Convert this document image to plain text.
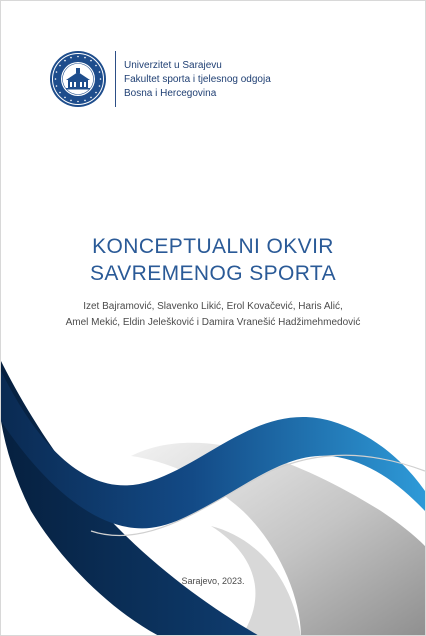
Univerzitet u Sarajevu
Fakultet sporta i tjelesnog odgoja
Bosna i Hercegovina
KONCEPTUALNI OKVIR
SAVREMENOG SPORTA
Izet Bajramović, Slavenko Likić, Erol Kovačević, Haris Alić,
Amel Mekić, Eldin Jelešković i Damira Vranešić Hadžimehmedović
Sarajevo, 2023.
